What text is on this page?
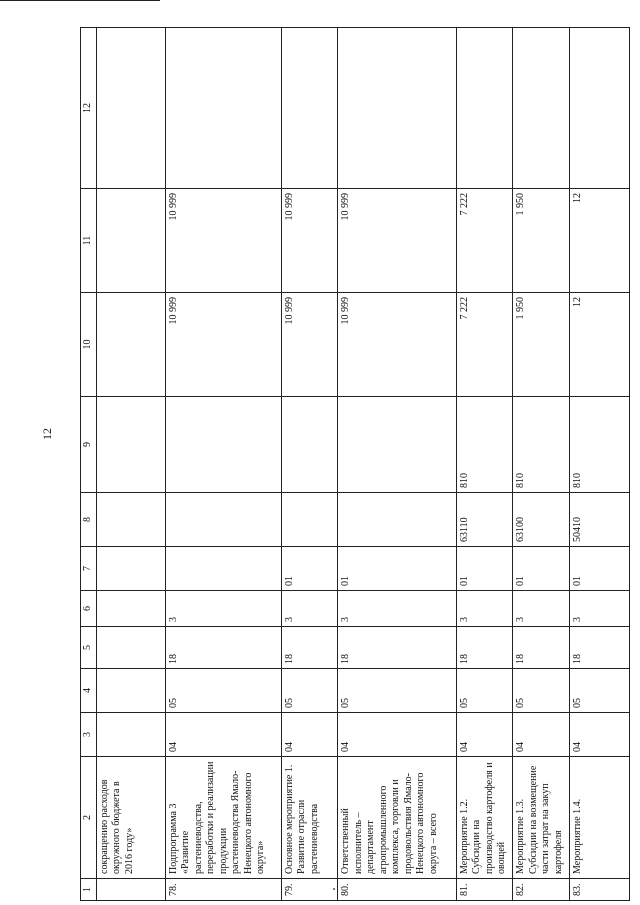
12
1	2	3	4	5	6	7	8	9	10	11	12
	сокращению расходов окружного бюджета в 2016 году»										
78.	Подпрограмма 3 «Развитие растениеводства, переработки и реализации продукции растениеводства Ямало-Ненецкого автономного округа»	04	05	18	3				10 999	10 999	
79.	Основное мероприятие 1. Развитие отрасли растениеводства	04	05	18	3	01			10 999	10 999	
80.	Ответственный исполнитель – департамент агропромышленного комплекса, торговли и продовольствия Ямало-Ненецкого автономного округа – всего	04	05	18	3	01			10 999	10 999	
81.	Мероприятие 1.2. Субсидии на производство картофеля и овощей	04	05	18	3	01	63110	810	7 222	7 222	
82.	Мероприятие 1.3. Субсидии на возмещение части затрат на закуп картофеля	04	05	18	3	01	63100	810	1 950	1 950	
83.	Мероприятие 1.4.	04	05	18	3	01	50410	810	12	12	
